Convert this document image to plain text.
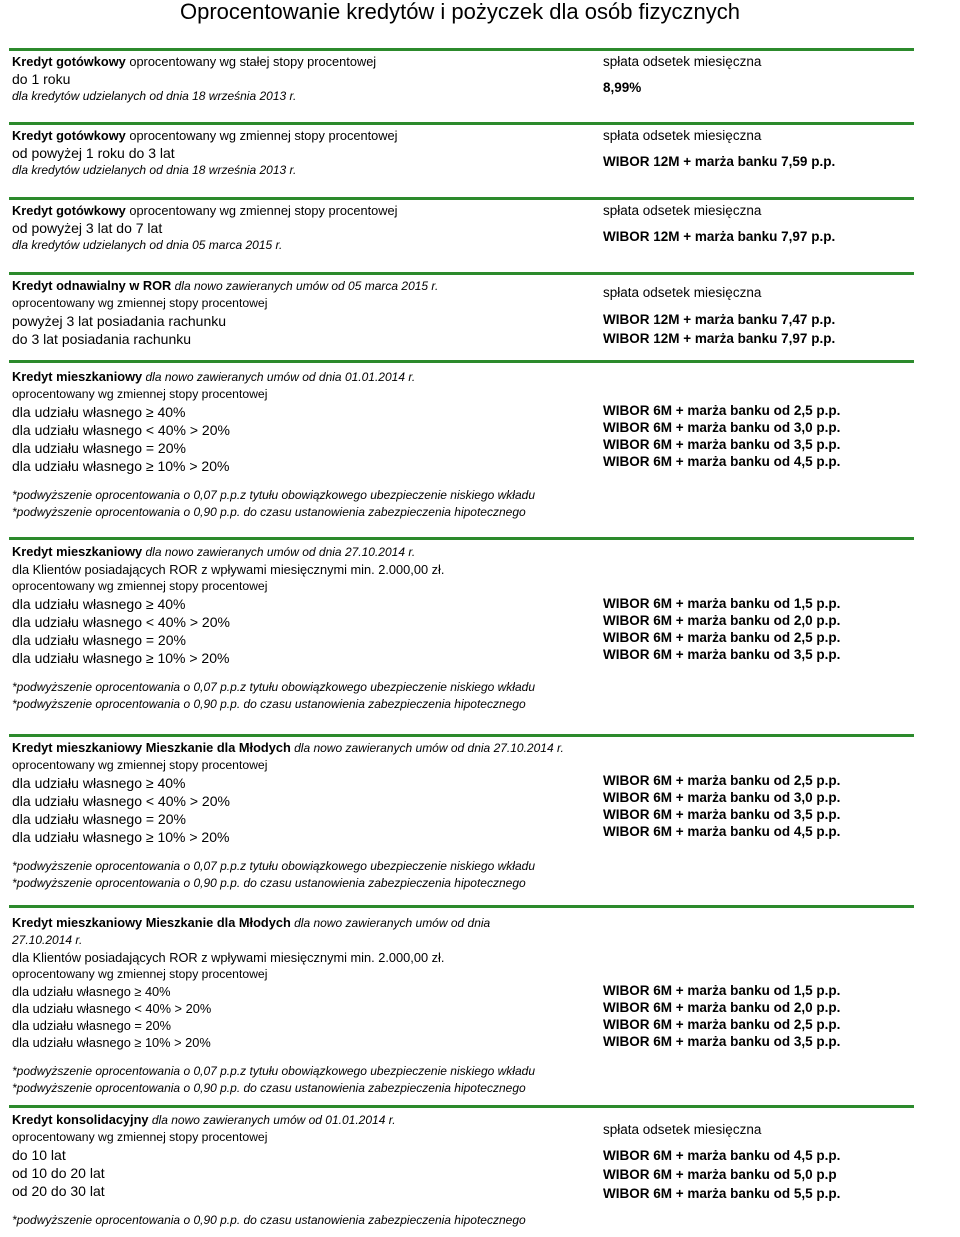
Oprocentowanie kredytów i pożyczek dla osób fizycznych
Kredyt gotówkowy oprocentowany wg stałej stopy procentowej
do 1 roku
dla kredytów udzielanych od dnia 18 września 2013 r.
spłata odsetek miesięczna
8,99%
Kredyt gotówkowy oprocentowany wg zmiennej stopy procentowej
od powyżej 1 roku do 3 lat
dla kredytów udzielanych od dnia 18 września 2013 r.
spłata odsetek miesięczna
WIBOR 12M + marża banku 7,59 p.p.
Kredyt gotówkowy oprocentowany wg zmiennej stopy procentowej
od powyżej 3 lat do 7 lat
dla kredytów udzielanych od dnia 05 marca 2015 r.
spłata odsetek miesięczna
WIBOR 12M + marża banku 7,97 p.p.
Kredyt odnawialny w ROR dla nowo zawieranych umów od 05 marca 2015 r.
oprocentowany wg zmiennej stopy procentowej
powyżej 3 lat posiadania rachunku
do 3 lat posiadania rachunku
spłata odsetek miesięczna
WIBOR 12M + marża banku 7,47 p.p.
WIBOR 12M + marża banku 7,97 p.p.
Kredyt mieszkaniowy dla nowo zawieranych umów od dnia 01.01.2014 r.
oprocentowany wg zmiennej stopy procentowej
dla udziału własnego ≥ 40%
dla udziału własnego < 40% > 20%
dla udziału własnego = 20%
dla udziału własnego ≥ 10% > 20%
*podwyższenie oprocentowania o 0,07 p.p.z tytułu obowiązkowego ubezpieczenie niskiego wkładu
*podwyższenie oprocentowania o 0,90 p.p. do czasu ustanowienia zabezpieczenia hipotecznego
WIBOR 6M + marża banku od 2,5 p.p.
WIBOR 6M + marża banku od 3,0 p.p.
WIBOR 6M + marża banku od 3,5 p.p.
WIBOR 6M + marża banku od 4,5 p.p.
Kredyt mieszkaniowy dla nowo zawieranych umów od dnia 27.10.2014 r.
dla Klientów posiadających ROR z wpływami miesięcznymi min. 2.000,00 zł.
oprocentowany wg zmiennej stopy procentowej
dla udziału własnego ≥ 40%
dla udziału własnego < 40% > 20%
dla udziału własnego = 20%
dla udziału własnego ≥ 10% > 20%
*podwyższenie oprocentowania o 0,07 p.p.z tytułu obowiązkowego ubezpieczenie niskiego wkładu
*podwyższenie oprocentowania o 0,90 p.p. do czasu ustanowienia zabezpieczenia hipotecznego
WIBOR 6M + marża banku od 1,5 p.p.
WIBOR 6M + marża banku od 2,0 p.p.
WIBOR 6M + marża banku od 2,5 p.p.
WIBOR 6M + marża banku od 3,5 p.p.
Kredyt mieszkaniowy Mieszkanie dla Młodych dla nowo zawieranych umów od dnia 27.10.2014 r.
oprocentowany wg zmiennej stopy procentowej
dla udziału własnego ≥ 40%
dla udziału własnego < 40% > 20%
dla udziału własnego = 20%
dla udziału własnego ≥ 10% > 20%
*podwyższenie oprocentowania o 0,07 p.p.z tytułu obowiązkowego ubezpieczenie niskiego wkładu
*podwyższenie oprocentowania o 0,90 p.p. do czasu ustanowienia zabezpieczenia hipotecznego
WIBOR 6M + marża banku od 2,5 p.p.
WIBOR 6M + marża banku od 3,0 p.p.
WIBOR 6M + marża banku od 3,5 p.p.
WIBOR 6M + marża banku od 4,5 p.p.
Kredyt mieszkaniowy Mieszkanie dla Młodych dla nowo zawieranych umów od dnia
27.10.2014 r.
dla Klientów posiadających ROR z wpływami miesięcznymi min. 2.000,00 zł.
oprocentowany wg zmiennej stopy procentowej
dla udziału własnego ≥ 40%
dla udziału własnego < 40% > 20%
dla udziału własnego = 20%
dla udziału własnego ≥ 10% > 20%
*podwyższenie oprocentowania o 0,07 p.p.z tytułu obowiązkowego ubezpieczenie niskiego wkładu
*podwyższenie oprocentowania o 0,90 p.p. do czasu ustanowienia zabezpieczenia hipotecznego
WIBOR 6M + marża banku od 1,5 p.p.
WIBOR 6M + marża banku od 2,0 p.p.
WIBOR 6M + marża banku od 2,5 p.p.
WIBOR 6M + marża banku od 3,5 p.p.
Kredyt konsolidacyjny dla nowo zawieranych umów od 01.01.2014 r.
oprocentowany wg zmiennej stopy procentowej
do 10 lat
od 10 do 20 lat
od 20 do 30 lat
*podwyższenie oprocentowania o 0,90 p.p. do czasu ustanowienia zabezpieczenia hipotecznego
spłata odsetek miesięczna
WIBOR 6M + marża banku od 4,5 p.p.
WIBOR 6M + marża banku od 5,0 p.p
WIBOR 6M + marża banku od 5,5 p.p.
